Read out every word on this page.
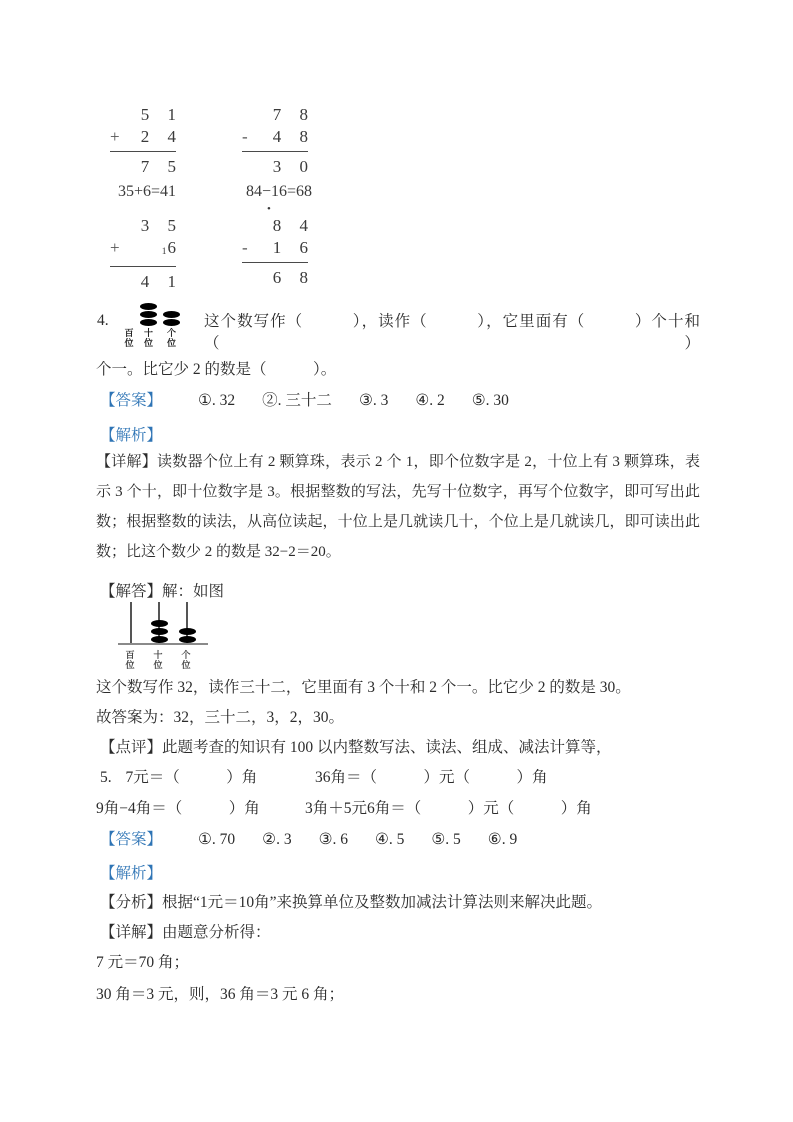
5 1
+	2 4
7 5
7 8
-	4 8
3 0
35+6=41	84−16=68
3 5
+	16
4 1
•
8 4
-	1 6
6 8
4.
百位
十位
个位
这个数写作（　　　），读作（　　　），它里面有（　　　）个十和（　　　）
个一。比它少 2 的数是（　　　）。
【答案】 ①. 32 ②. 三十二 ③. 3 ④. 2 ⑤. 30
【解析】
【详解】读数器个位上有 2 颗算珠，表示 2 个 1，即个位数字是 2，十位上有 3 颗算珠，表
示 3 个十，即十位数字是 3。根据整数的写法，先写十位数字，再写个位数字，即可写出此
数；根据整数的读法，从高位读起，十位上是几就读几十，个位上是几就读几，即可读出此
数；比这个数少 2 的数是 32−2＝20。
【解答】解：如图
百位
十位
个位
这个数写作 32，读作三十二，它里面有 3 个十和 2 个一。比它少 2 的数是 30。
故答案为：32，三十二，3，2，30。
【点评】此题考查的知识有 100 以内整数写法、读法、组成、减法计算等，
5. 7元＝（　　　）角	36角＝（　　　）元（　　　）角
9角−4角＝（　　　）角	3角＋5元6角＝（　　　）元（　　　）角
【答案】 ①. 70 ②. 3 ③. 6 ④. 5 ⑤. 5 ⑥. 9
【解析】
【分析】根据“1元＝10角”来换算单位及整数加减法计算法则来解决此题。
【详解】由题意分析得：
7 元＝70 角；
30 角＝3 元，则，36 角＝3 元 6 角；
